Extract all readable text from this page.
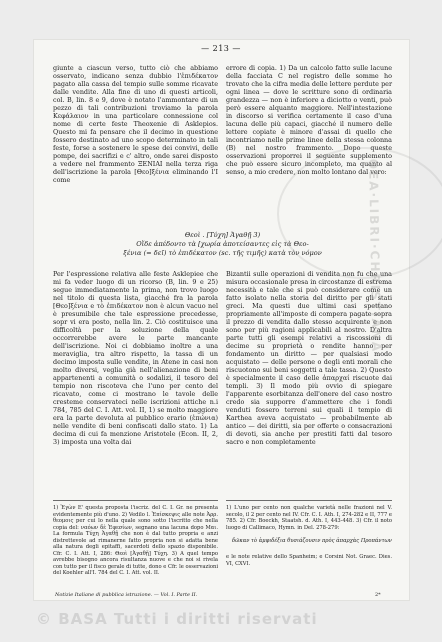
— 213 —
giunte a ciascun verso, tutto ciò che abbiamo osservato, indicano senza dubbio l'ἐπιδέκατον pagato alla cassa del tempio sulle somme ricavate dalle vendite. Alla fine di uno di questi articoli, col. B, lin. 8 e 9, dove è notato l'ammontare di un pezzo di tali contribuzioni troviamo la parola Κεφάλαιον in una particolare connessione col nome di certe feste Theoxenie di Asklepios. Questo mi fa pensare che il decimo in questione fossero destinato ad uno scopo determinato in tali feste, forse a sostenere le spese dei convivi, delle pompe, dei sacrifizi e c' altro, onde sarei disposto a vedere nel frammento ΞΕΝΙΑΙ nella terza riga dell'iscrizione la parola [Θεο]ξένια eliminando l'I come
errore di copia. 1) Da un calcolo fatto sulle lacune della facciata C nel registro delle somme ho trovato che la cifra media delle lettere perdute per ogni linea — dove le scritture sono di ordinaria grandezza — non è inferiore a diciotto o venti, può però essere alquanto maggiore. Nell'intestazione in discorso si verifica certamente il caso d'una lacuna delle più capaci, giacché il numero delle lettere copiate è minore d'assai di quello che incontriamo nelle prime linee della stessa colonna (B) nel nostro frammento. Dopo queste osservazioni proporrei il seguente supplemento che può essere sicuro incompleto, ma quanto al senso, a mio credere, non molto lontano dal vero:
Θεοὶ . [Τύχη] Ἀγαθῇ 3)
Οἵδε ἀπέδοντο τὰ [χωρία ἀποτείσαντες εἰς τὰ Θεο-
ξένια (= δεῖ) τὸ ἐπιδέκατον (sc. τῆς τιμῆς) κατὰ τὸν νόμον
Per l'espressione relativa alle feste Asklepiee che mi fa veder luogo di un ricorso (B, lin. 9 e 25) segue immediatamente la prima, non trovo luogo nel titolo di questa lista, giacché fra la parola [Θεο]ξένια e τὸ ἐπιδέκατον non è alcun vacuo nel è presumibile che tale espressione precedesse, sopr vi era posto, nella lin. 2. Ciò costituisce una difficoltà per la soluzione della quale occorrerebbe avere le parte mancante dell'iscrizione. Noi ci dobbiamo inoltre a una meraviglia, tra altro rispetto, la tassa di un decimo imposta sulle vendite, in Atene in casi non molto diversi, veglia già nell'alienazione di beni appartenenti a comunità o sodalizi, il tesoro del tempio non riscoteva che l'uno per cento del ricavato, come ci mostrano le tavole delle cresteme conservateci nelle iscrizioni attiche n.i 784, 785 del C. I. Att. vol. II, 1) se molto maggiore era la parte devoluta al pubblico erario (ἐπώνια) nelle vendite di beni confiscati dallo stato. 1) La decima di cui fa menzione Aristotele (Econ. II, 2, 3) imposta una volta dai
Bizantii sulle operazioni di vendita non fu che una misura occasionale presa in circostanze di estrema necessità e tale che si può considerare come un fatto isolato nella storia del diritto per gli stati greci. Ma questi due ultimi casi spettano propriamente all'imposte di compera pagate sopra il prezzo di vendita dallo stesso acquirente e non sono per più ragioni applicabili al nostro. D'altra parte tutti gli esempi relativi a riscossioni di decime su proprietà o rendite hanno per fondamento un diritto — per qualsiasi modo acquistato — delle persone o degli enti morali che riscuotono sui beni soggetti a tale tassa. 2) Questo è specialmente il caso delle ἀπαρχαί riscuote dai templi. 3) Il modo più ovvio di spiegare l'apparente esorbitanza dell'onere del caso nostro credo sia supporre d'ammettere che i fondi venduti fossero terreni sui quali il tempio di Karthea aveva acquistato — probabilmente ab antico — dei diritti, sia per offerte o consacrazioni di devoti, sia anche per prestiti fatti dal tesoro sacro e non completamente
1) Ἐγὼν Ε' questa proposta l'iscriz. del C. I. Gr. ne presenta evidentemente più d'uno. 2) Vedilo l. Ἐπίσκεψις alle note Ἀρρ. θεομοις per cui lo nella quale sono sotto l'iscritto che nella copia del: ναόων δὲ Ἐφεσίων, segnano una lacuna dopo Μαι. La formula Τύχη Ἀγαθῇ che non è dal tutto propria e anzi distrettevole ad rimanerne fatto propria non si adatta bene alla natura degli epitaffi, sacerdoti dello spazio disponibile. Cfr. C. I. Att. I, 286: Θεοὶ [Ἀγαθῇ] Τύχη. 3) A quel tempo avrebbe bisogno ancora risultanza nuove e che noi si rivela con tutto per il fisco gerale di tutte, dono e Cfr. le osservazioni del Koehler all'I. 784 del C. I. Att. vol. II.
1) L'uno per cento non qualche varietà nelle frazioni nel V. secolo, il 2 per cento nel IV. Cfr. C. I. Ath. I, 274-282 e II, 777 e 785. 2) Cfr. Boeckh, Staatsh. d. Ath. I, 443-448. 3) Cfr. il noto luogo di Callimaco, Hymn. in Del. 278-279:
δῶκαν τὸ ἀμφιδέξια θυσιάζουσιν πρὸς ἀπαρχὰς Προπάντων
e le note relative dello Spanheim; e Corsini Not. Graec. Dies. VI, CXVI.
Notizie Italiane di pubblica istruzione. — Vol. I. Parte II.	2*
OEA·LIBRI·CHRISTIANA
© BASA Tutti i diritti riservati
